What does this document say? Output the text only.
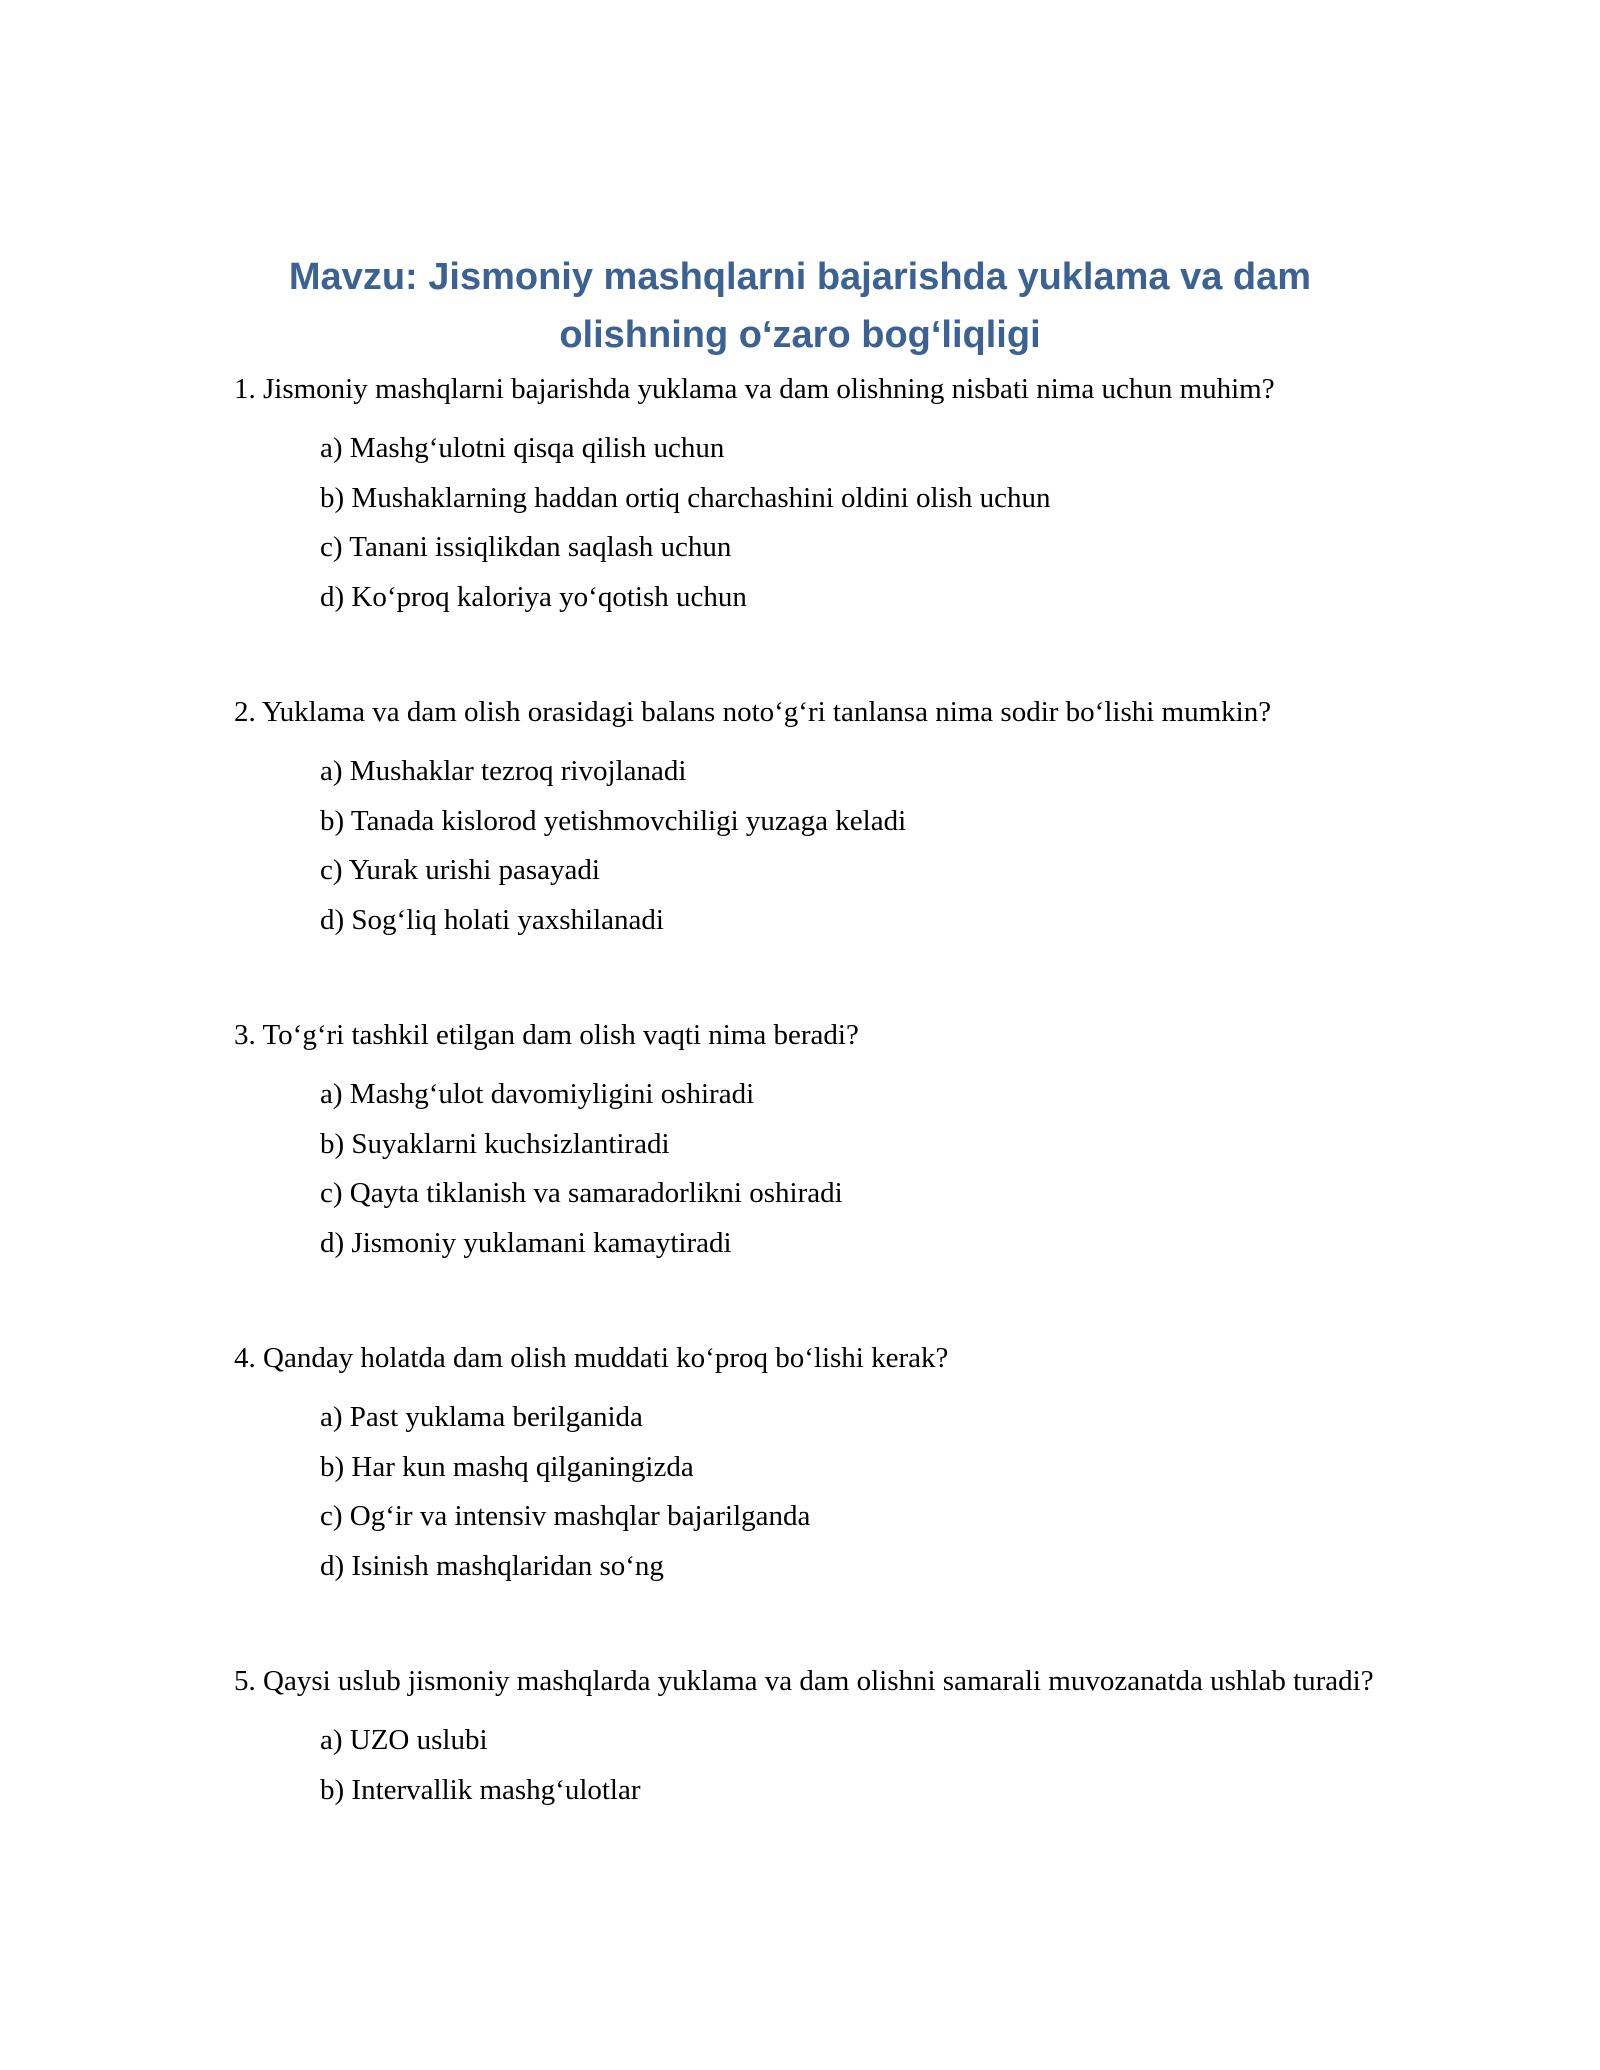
Mavzu: Jismoniy mashqlarni bajarishda yuklama va dam
olishning o‘zaro bog‘liqligi

1. Jismoniy mashqlarni bajarishda yuklama va dam olishning nisbati nima uchun muhim?

a) Mashg‘ulotni qisqa qilish uchun
b) Mushaklarning haddan ortiq charchashini oldini olish uchun
c) Tanani issiqlikdan saqlash uchun
d) Ko‘proq kaloriya yo‘qotish uchun

2. Yuklama va dam olish orasidagi balans noto‘g‘ri tanlansa nima sodir bo‘lishi mumkin?

a) Mushaklar tezroq rivojlanadi
b) Tanada kislorod yetishmovchiligi yuzaga keladi
c) Yurak urishi pasayadi
d) Sog‘liq holati yaxshilanadi

3. To‘g‘ri tashkil etilgan dam olish vaqti nima beradi?

a) Mashg‘ulot davomiyligini oshiradi
b) Suyaklarni kuchsizlantiradi
c) Qayta tiklanish va samaradorlikni oshiradi
d) Jismoniy yuklamani kamaytiradi

4. Qanday holatda dam olish muddati ko‘proq bo‘lishi kerak?

a) Past yuklama berilganida
b) Har kun mashq qilganingizda
c) Og‘ir va intensiv mashqlar bajarilganda
d) Isinish mashqlaridan so‘ng

5. Qaysi uslub jismoniy mashqlarda yuklama va dam olishni samarali muvozanatda ushlab turadi?

a) UZO uslubi
b) Intervallik mashg‘ulotlar
